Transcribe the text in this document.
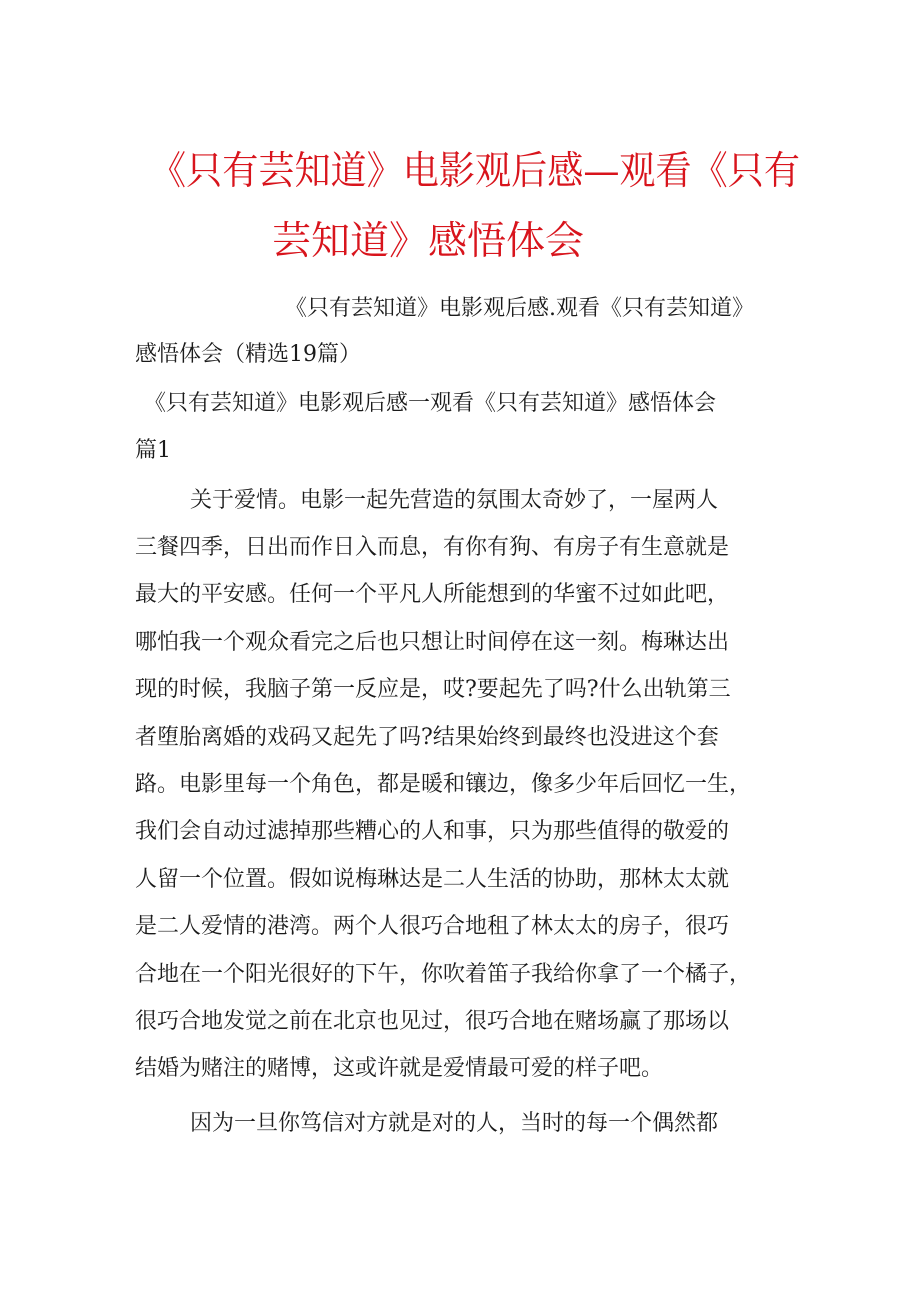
《只有芸知道》电影观后感—观看《只有
芸知道》感悟体会
《只有芸知道》电影观后感.观看《只有芸知道》
感悟体会（精选19篇）
《只有芸知道》电影观后感一观看《只有芸知道》感悟体会
篇1
关于爱情。电影一起先营造的氛围太奇妙了，一屋两人
三餐四季，日出而作日入而息，有你有狗、有房子有生意就是
最大的平安感。任何一个平凡人所能想到的华蜜不过如此吧，
哪怕我一个观众看完之后也只想让时间停在这一刻。梅琳达出
现的时候，我脑子第一反应是，哎?要起先了吗?什么出轨第三
者堕胎离婚的戏码又起先了吗?结果始终到最终也没进这个套
路。电影里每一个角色，都是暖和镶边，像多少年后回忆一生，
我们会自动过滤掉那些糟心的人和事，只为那些值得的敬爱的
人留一个位置。假如说梅琳达是二人生活的协助，那林太太就
是二人爱情的港湾。两个人很巧合地租了林太太的房子，很巧
合地在一个阳光很好的下午，你吹着笛子我给你拿了一个橘子，
很巧合地发觉之前在北京也见过，很巧合地在赌场赢了那场以
结婚为赌注的赌博，这或许就是爱情最可爱的样子吧。
因为一旦你笃信对方就是对的人，当时的每一个偶然都
